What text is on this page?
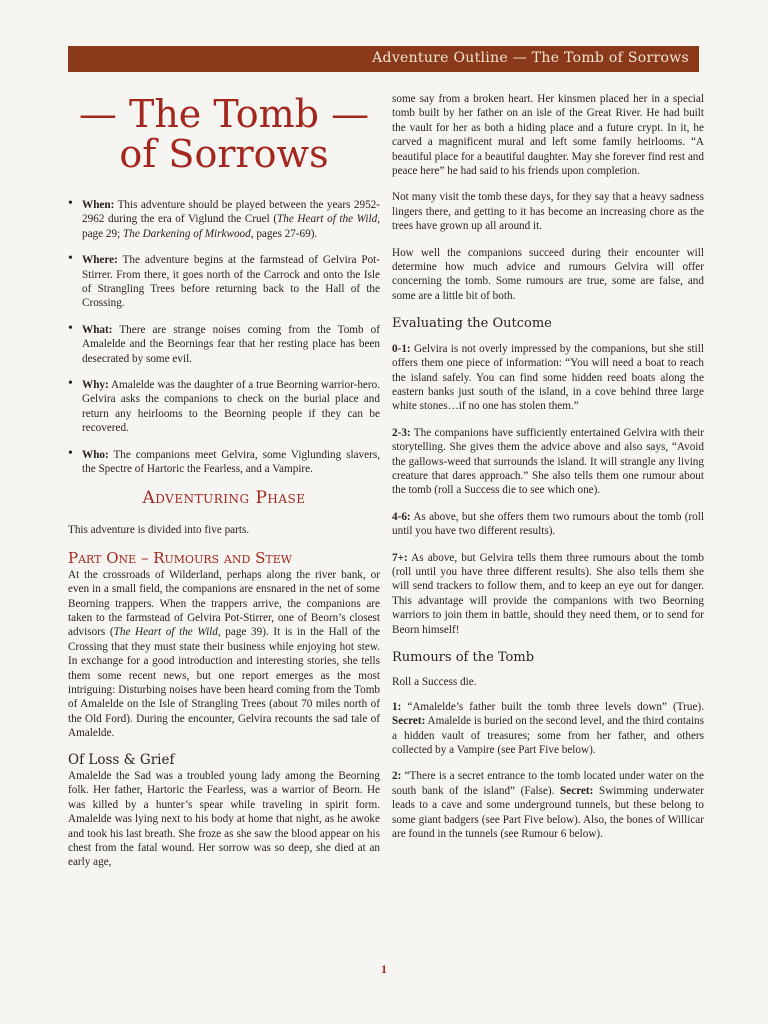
Adventure Outline — The Tomb of Sorrows
— The Tomb —
of Sorrows
• When: This adventure should be played between the years 2952-2962 during the era of Viglund the Cruel (The Heart of the Wild, page 29; The Darkening of Mirkwood, pages 27-69).
• Where: The adventure begins at the farmstead of Gelvira Pot-Stirrer. From there, it goes north of the Carrock and onto the Isle of Strangling Trees before returning back to the Hall of the Crossing.
• What: There are strange noises coming from the Tomb of Amalelde and the Beornings fear that her resting place has been desecrated by some evil.
• Why: Amalelde was the daughter of a true Beorning warrior-hero. Gelvira asks the companions to check on the burial place and return any heirlooms to the Beorning people if they can be recovered.
• Who: The companions meet Gelvira, some Viglunding slavers, the Spectre of Hartoric the Fearless, and a Vampire.
Adventuring Phase

This adventure is divided into five parts.

Part One – Rumours and Stew

At the crossroads of Wilderland, perhaps along the river bank, or even in a small field, the companions are ensnared in the net of some Beorning trappers. When the trappers arrive, the companions are taken to the farmstead of Gelvira Pot-Stirrer, one of Beorn’s closest advisors (The Heart of the Wild, page 39). It is in the Hall of the Crossing that they must state their business while enjoying hot stew. In exchange for a good introduction and interesting stories, she tells them some recent news, but one report emerges as the most intriguing: Disturbing noises have been heard coming from the Tomb of Amalelde on the Isle of Strangling Trees (about 70 miles north of the Old Ford). During the encounter, Gelvira recounts the sad tale of Amalelde.

Of Loss & Grief

Amalelde the Sad was a troubled young lady among the Beorning folk. Her father, Hartoric the Fearless, was a warrior of Beorn. He was killed by a hunter’s spear while traveling in spirit form. Amalelde was lying next to his body at home that night, as he awoke and took his last breath. She froze as she saw the blood appear on his chest from the fatal wound. Her sorrow was so deep, she died at an early age,

some say from a broken heart. Her kinsmen placed her in a special tomb built by her father on an isle of the Great River. He had built the vault for her as both a hiding place and a future crypt. In it, he carved a magnificent mural and left some family heirlooms. “A beautiful place for a beautiful daughter. May she forever find rest and peace here” he had said to his friends upon completion.

Not many visit the tomb these days, for they say that a heavy sadness lingers there, and getting to it has become an increasing chore as the trees have grown up all around it.

How well the companions succeed during their encounter will determine how much advice and rumours Gelvira will offer concerning the tomb. Some rumours are true, some are false, and some are a little bit of both.

Evaluating the Outcome

0-1: Gelvira is not overly impressed by the companions, but she still offers them one piece of information: “You will need a boat to reach the island safely. You can find some hidden reed boats along the eastern banks just south of the island, in a cove behind three large white stones…if no one has stolen them.”

2-3: The companions have sufficiently entertained Gelvira with their storytelling. She gives them the advice above and also says, “Avoid the gallows-weed that surrounds the island. It will strangle any living creature that dares approach.” She also tells them one rumour about the tomb (roll a Success die to see which one).

4-6: As above, but she offers them two rumours about the tomb (roll until you have two different results).

7+: As above, but Gelvira tells them three rumours about the tomb (roll until you have three different results). She also tells them she will send trackers to follow them, and to keep an eye out for danger. This advantage will provide the companions with two Beorning warriors to join them in battle, should they need them, or to send for Beorn himself!

Rumours of the Tomb

Roll a Success die.

1: “Amalelde’s father built the tomb three levels down” (True). Secret: Amalelde is buried on the second level, and the third contains a hidden vault of treasures; some from her father, and others collected by a Vampire (see Part Five below).

2: “There is a secret entrance to the tomb located under water on the south bank of the island” (False). Secret: Swimming underwater leads to a cave and some underground tunnels, but these belong to some giant badgers (see Part Five below). Also, the bones of Willicar are found in the tunnels (see Rumour 6 below).

1
